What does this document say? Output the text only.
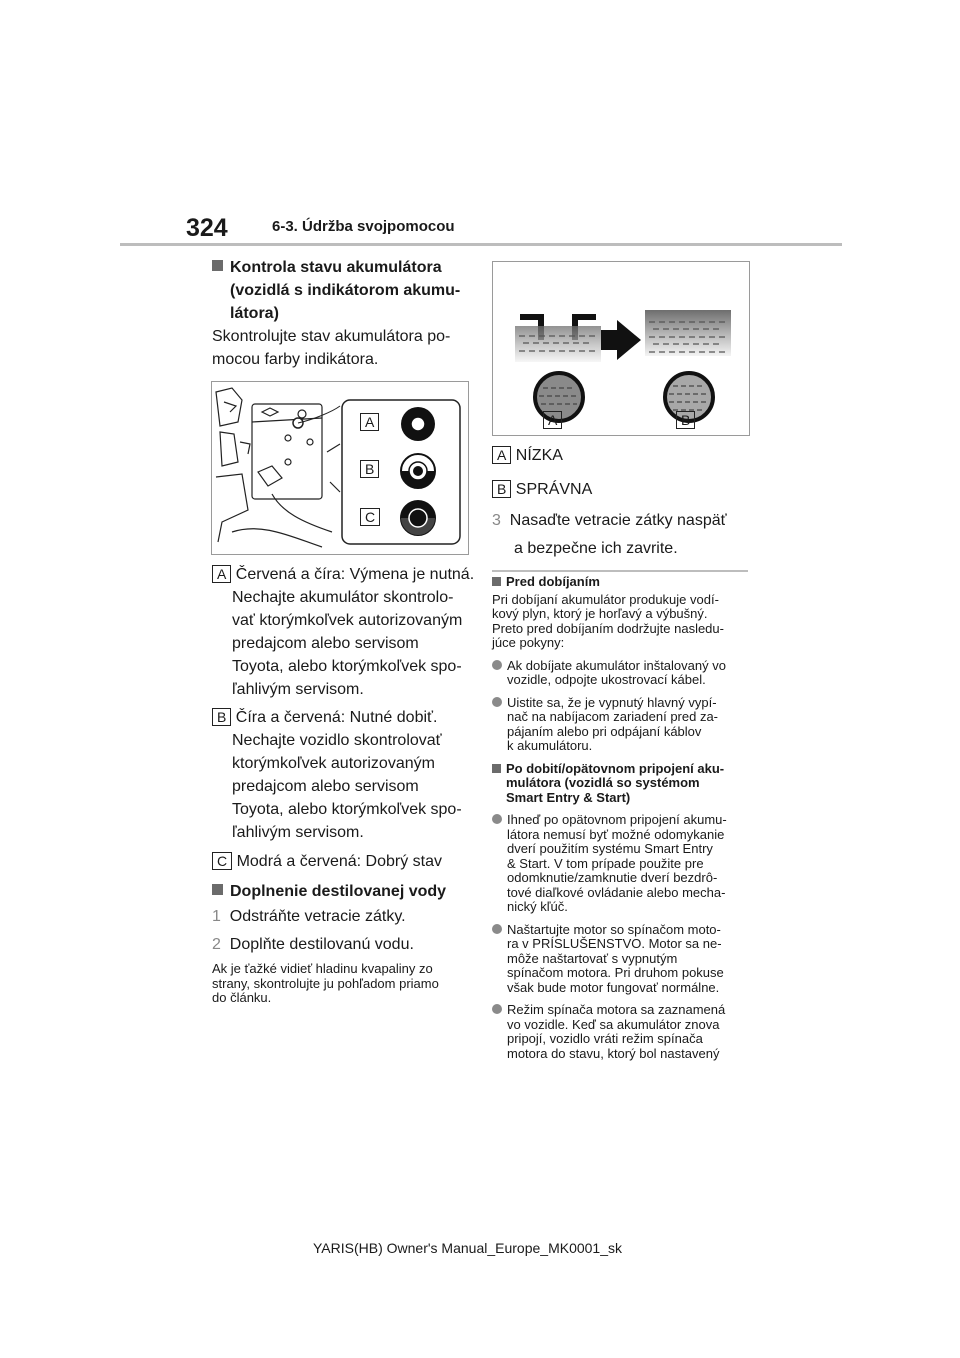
324	6-3. Údržba svojpomocou
Kontrola stavu akumulátora
(vozidlá s indikátorom akumu-
látora)
Skontrolujte stav akumulátora po-
mocou farby indikátora.
A
B
C
A Červená a číra: Výmena je nutná.
Nechajte akumulátor skontrolo-
vať ktorýmkoľvek autorizovaným
predajcom alebo servisom
Toyota, alebo ktorýmkoľvek spo-
ľahlivým servisom.
B Číra a červená: Nutné dobiť.
Nechajte vozidlo skontrolovať
ktorýmkoľvek autorizovaným
predajcom alebo servisom
Toyota, alebo ktorýmkoľvek spo-
ľahlivým servisom.
C Modrá a červená: Dobrý stav
Doplnenie destilovanej vody
1 Odstráňte vetracie zátky.
2 Doplňte destilovanú vodu.
Ak je ťažké vidieť hladinu kvapaliny zo
strany, skontrolujte ju pohľadom priamo
do článku.
A	B
A NÍZKA
B SPRÁVNA
3 Nasaďte vetracie zátky naspäť
a bezpečne ich zavrite.
Pred dobíjaním
Pri dobíjaní akumulátor produkuje vodí-
kový plyn, ktorý je horľavý a výbušný.
Preto pred dobíjaním dodržujte nasledu-
júce pokyny:
Ak dobíjate akumulátor inštalovaný vo
vozidle, odpojte ukostrovací kábel.
Uistite sa, že je vypnutý hlavný vypí-
nač na nabíjacom zariadení pred za-
pájaním alebo pri odpájaní káblov
k akumulátoru.
Po dobití/opätovnom pripojení aku-
mulátora (vozidlá so systémom
Smart Entry & Start)
Ihneď po opätovnom pripojení akumu-
látora nemusí byť možné odomykanie
dverí použitím systému Smart Entry
& Start. V tom prípade použite pre
odomknutie/zamknutie dverí bezdrô-
tové diaľkové ovládanie alebo mecha-
nický kľúč.
Naštartujte motor so spínačom moto-
ra v PRÍSLUŠENSTVO. Motor sa ne-
môže naštartovať s vypnutým
spínačom motora. Pri druhom pokuse
však bude motor fungovať normálne.
Režim spínača motora sa zaznamená
vo vozidle. Keď sa akumulátor znova
pripojí, vozidlo vráti režim spínača
motora do stavu, ktorý bol nastavený
YARIS(HB) Owner's Manual_Europe_MK0001_sk
